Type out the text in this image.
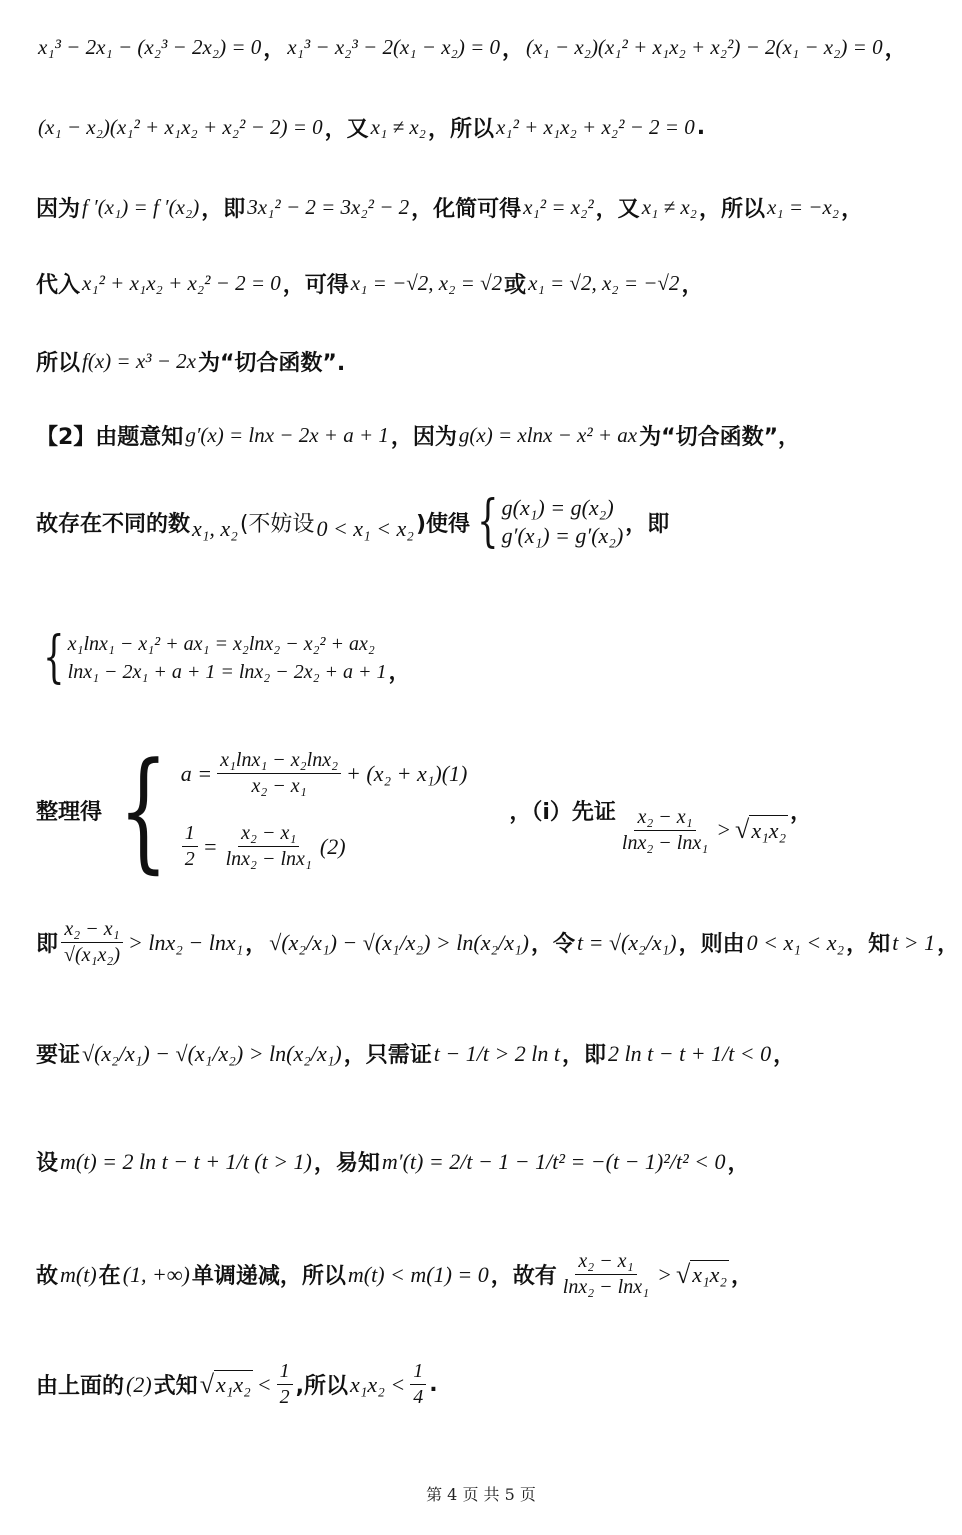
x₁³ − 2x₁ − (x₂³ − 2x₂) = 0 ， x₁³ − x₂³ − 2(x₁ − x₂) = 0 ， (x₁ − x₂)(x₁² + x₁x₂ + x₂²) − 2(x₁ − x₂) = 0 ，
(x₁ − x₂)(x₁² + x₁x₂ + x₂² − 2) = 0 ，又 x₁ ≠ x₂ ，所以 x₁² + x₁x₂ + x₂² − 2 = 0 .
因为 f ′(x₁) = f ′(x₂) ，即 3x₁² − 2 = 3x₂² − 2 ，化简可得 x₁² = x₂² ，又 x₁ ≠ x₂ ，所以 x₁ = −x₂ ，
代入 x₁² + x₁x₂ + x₂² − 2 = 0 ，可得 x₁ = −√2, x₂ = √2 或 x₁ = √2, x₂ = −√2 ，
所以 f(x) = x³ − 2x 为“切合函数”.
【2】由题意知 g′(x) = lnx − 2x + a + 1 ，因为 g(x) = xlnx − x² + ax 为“切合函数”，
故存在不同的数 x₁, x₂ (不妨设 0 < x₁ < x₂ )使得 { g(x₁) = g(x₂)
g′(x₁) = g′(x₂) ，即
{ x₁lnx₁ − x₁² + ax₁ = x₂lnx₂ − x₂² + ax₂
lnx₁ − 2x₁ + a + 1 = lnx₂ − 2x₂ + a + 1 ，
整理得 { $a = \frac{\text{x₁lnx₁ − x₂lnx₂}}{\text{x₂ − x₁}} + (x_2 + x_1)(1)$
$\frac{1}{2} = \frac{\text{x₂ − x₁}}{\text{lnx₂ − lnx₁}} (2)$
，（ⅰ）先证 $\frac{\text{x₂ − x₁}}{\text{lnx₂ − lnx₁}}$ > √ x₁x₂
，
即 $\frac{\text{x₂ − x₁}}{\text{√(x₁x₂)}} > \ln x_2 - \ln x_1$ ， √(x₂/x₁) − √(x₁/x₂) > ln(x₂/x₁) ，令 t = √(x₂/x₁) ，则由 0 < x₁ < x₂ ，知 t > 1 ，
要证 √(x₂/x₁) − √(x₁/x₂) > ln(x₂/x₁) ，只需证 t − 1/t > 2 ln t ，即 2 ln t − t + 1/t < 0 ，
设 m(t) = 2 ln t − t + 1/t (t > 1) ，易知 m′(t) = 2/t − 1 − 1/t² = −(t − 1)²/t² < 0 ，
故 m(t) 在 (1, +∞) 单调递减，所以 m(t) < m(1) = 0 ，故有 $\frac{\text{x₂ − x₁}}{\text{lnx₂ − lnx₁}}$ > √ x₁x₂ ，
由上面的 (2) 式知 √ $x_1x_2 < \frac{1}{2}$ ,所以 $x_1x_2 < \frac{1}{4}$ .
第 4 页 共 5 页
